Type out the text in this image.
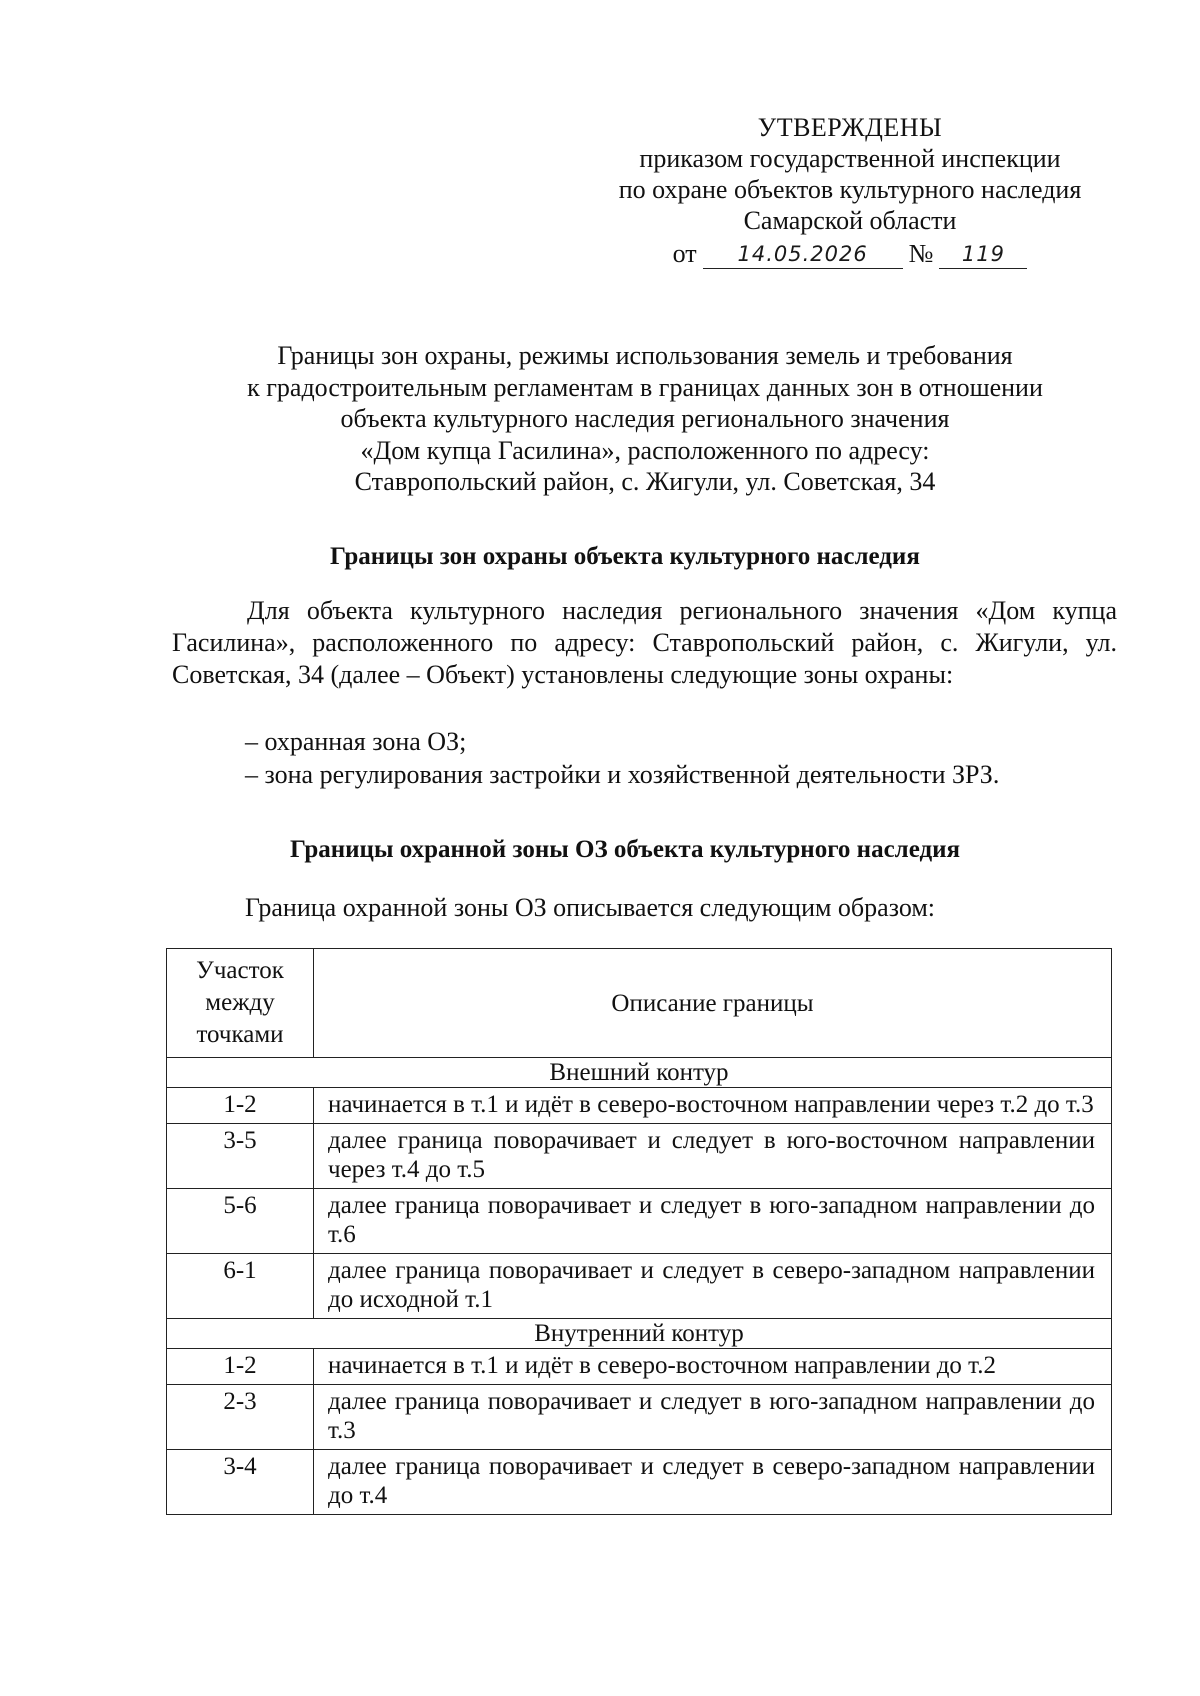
УТВЕРЖДЕНЫ
приказом государственной инспекции
по охране объектов культурного наследия
Самарской области
от	14.05.2026	№	119
Границы зон охраны, режимы использования земель и требования
к градостроительным регламентам в границах данных зон в отношении
объекта культурного наследия регионального значения
«Дом купца Гасилина», расположенного по адресу:
Ставропольский район, с. Жигули, ул. Советская, 34
Границы зон охраны объекта культурного наследия
Для объекта культурного наследия регионального значения «Дом купца Гасилина», расположенного по адресу: Ставропольский район, с. Жигули, ул. Советская, 34 (далее – Объект) установлены следующие зоны охраны:
– охранная зона ОЗ;
– зона регулирования застройки и хозяйственной деятельности ЗРЗ.
Границы охранной зоны ОЗ объекта культурного наследия
Граница охранной зоны ОЗ описывается следующим образом:
Участок
между
точками	Описание границы
Внешний контур	
1-2	начинается в т.1 и идёт в северо-восточном направлении через т.2 до т.3
3-5	далее граница поворачивает и следует в юго-восточном направлении через т.4 до т.5
5-6	далее граница поворачивает и следует в юго-западном направлении до т.6
6-1	далее граница поворачивает и следует в северо-западном направлении до исходной т.1
Внутренний контур	
1-2	начинается в т.1 и идёт в северо-восточном направлении до т.2
2-3	далее граница поворачивает и следует в юго-западном направлении до т.3
3-4	далее граница поворачивает и следует в северо-западном направлении до т.4
